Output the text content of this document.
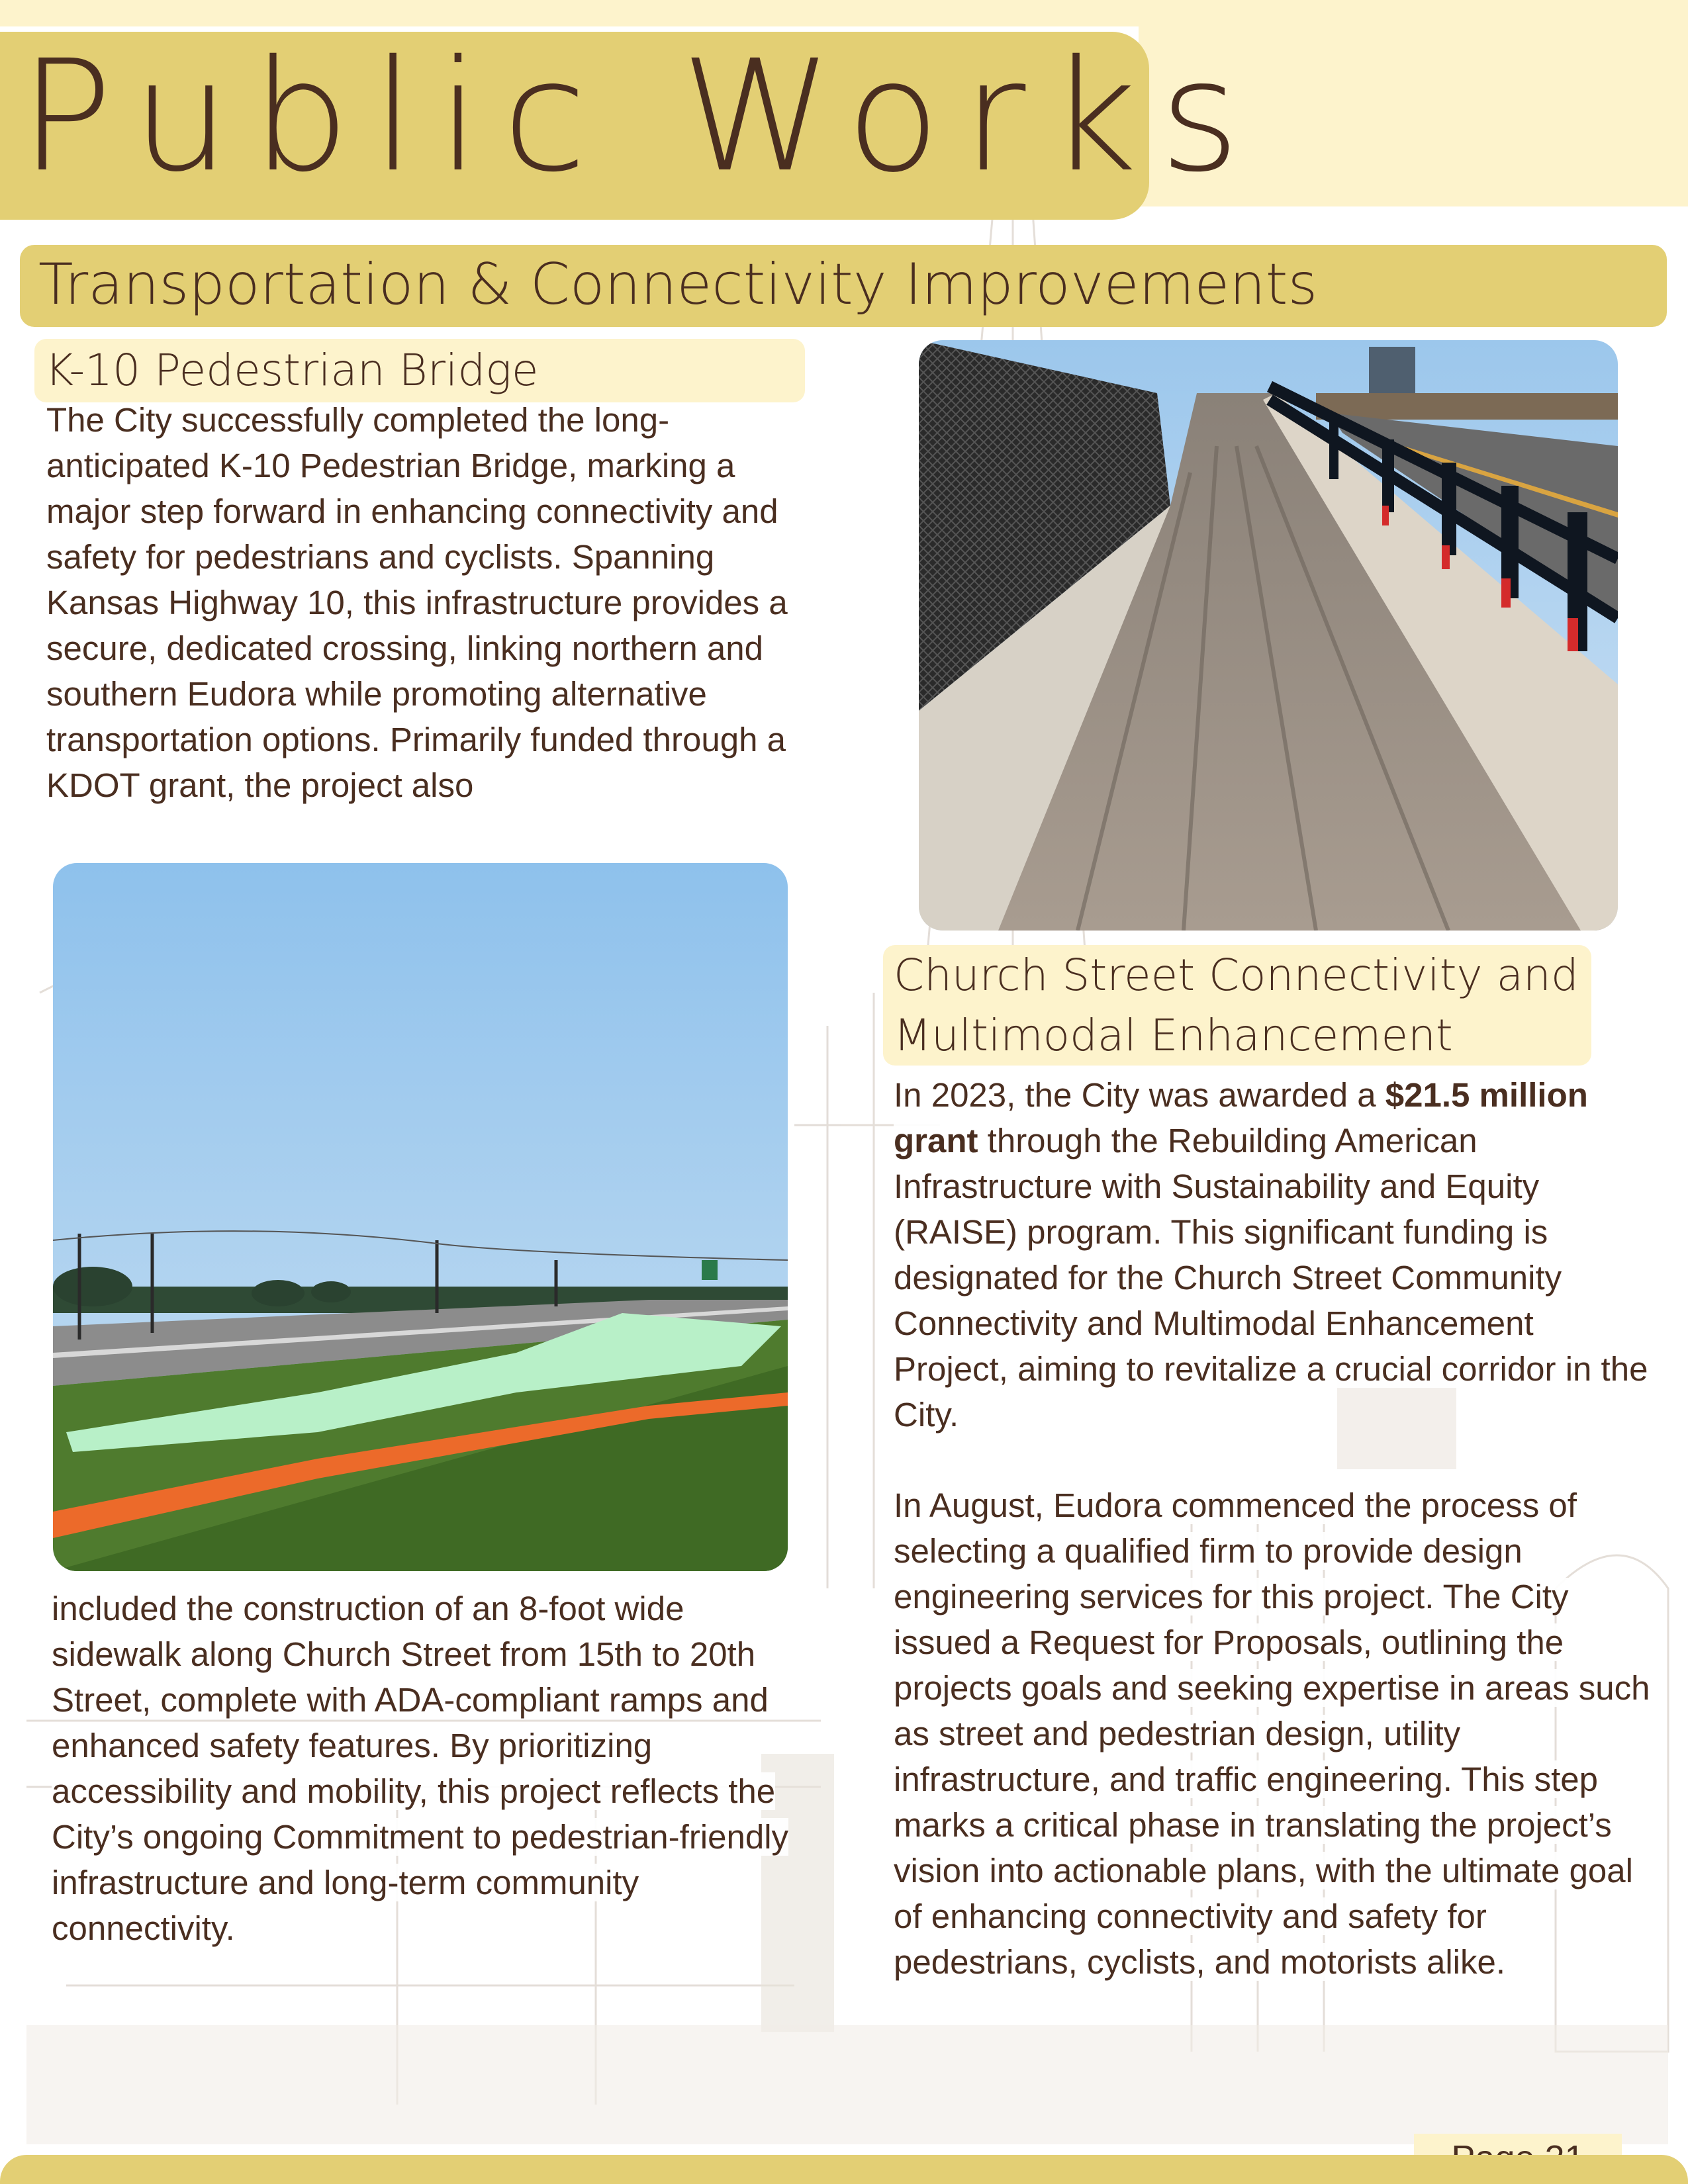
Public Works
Transportation & Connectivity Improvements
K-10 Pedestrian Bridge

The City successfully completed the long-anticipated K-10 Pedestrian Bridge, marking a major step forward in enhancing connectivity and safety for pedestrians and cyclists. Spanning Kansas Highway 10, this infrastructure provides a secure, dedicated crossing, linking northern and southern Eudora while promoting alternative transportation options. Primarily funded through a KDOT grant, the project also

included the construction of an 8-foot wide sidewalk along Church Street from 15th to 20th Street, complete with ADA-compliant ramps and enhanced safety features. By prioritizing accessibility and mobility, this project reflects the City’s ongoing Commitment to pedestrian-friendly infrastructure and long-term community connectivity.

Church Street Connectivity and Multimodal Enhancement

In 2023, the City was awarded a $21.5 million grant through the Rebuilding American Infrastructure with Sustainability and Equity (RAISE) program. This significant funding is designated for the Church Street Community Connectivity and Multimodal Enhancement Project, aiming to revitalize a crucial corridor in the City.

In August, Eudora commenced the process of selecting a qualified firm to provide design engineering services for this project. The City issued a Request for Proposals, outlining the projects goals and seeking expertise in areas such as street and pedestrian design, utility infrastructure, and traffic engineering. This step marks a critical phase in translating the project’s vision into actionable plans, with the ultimate goal of enhancing connectivity and safety for pedestrians, cyclists, and motorists alike.
